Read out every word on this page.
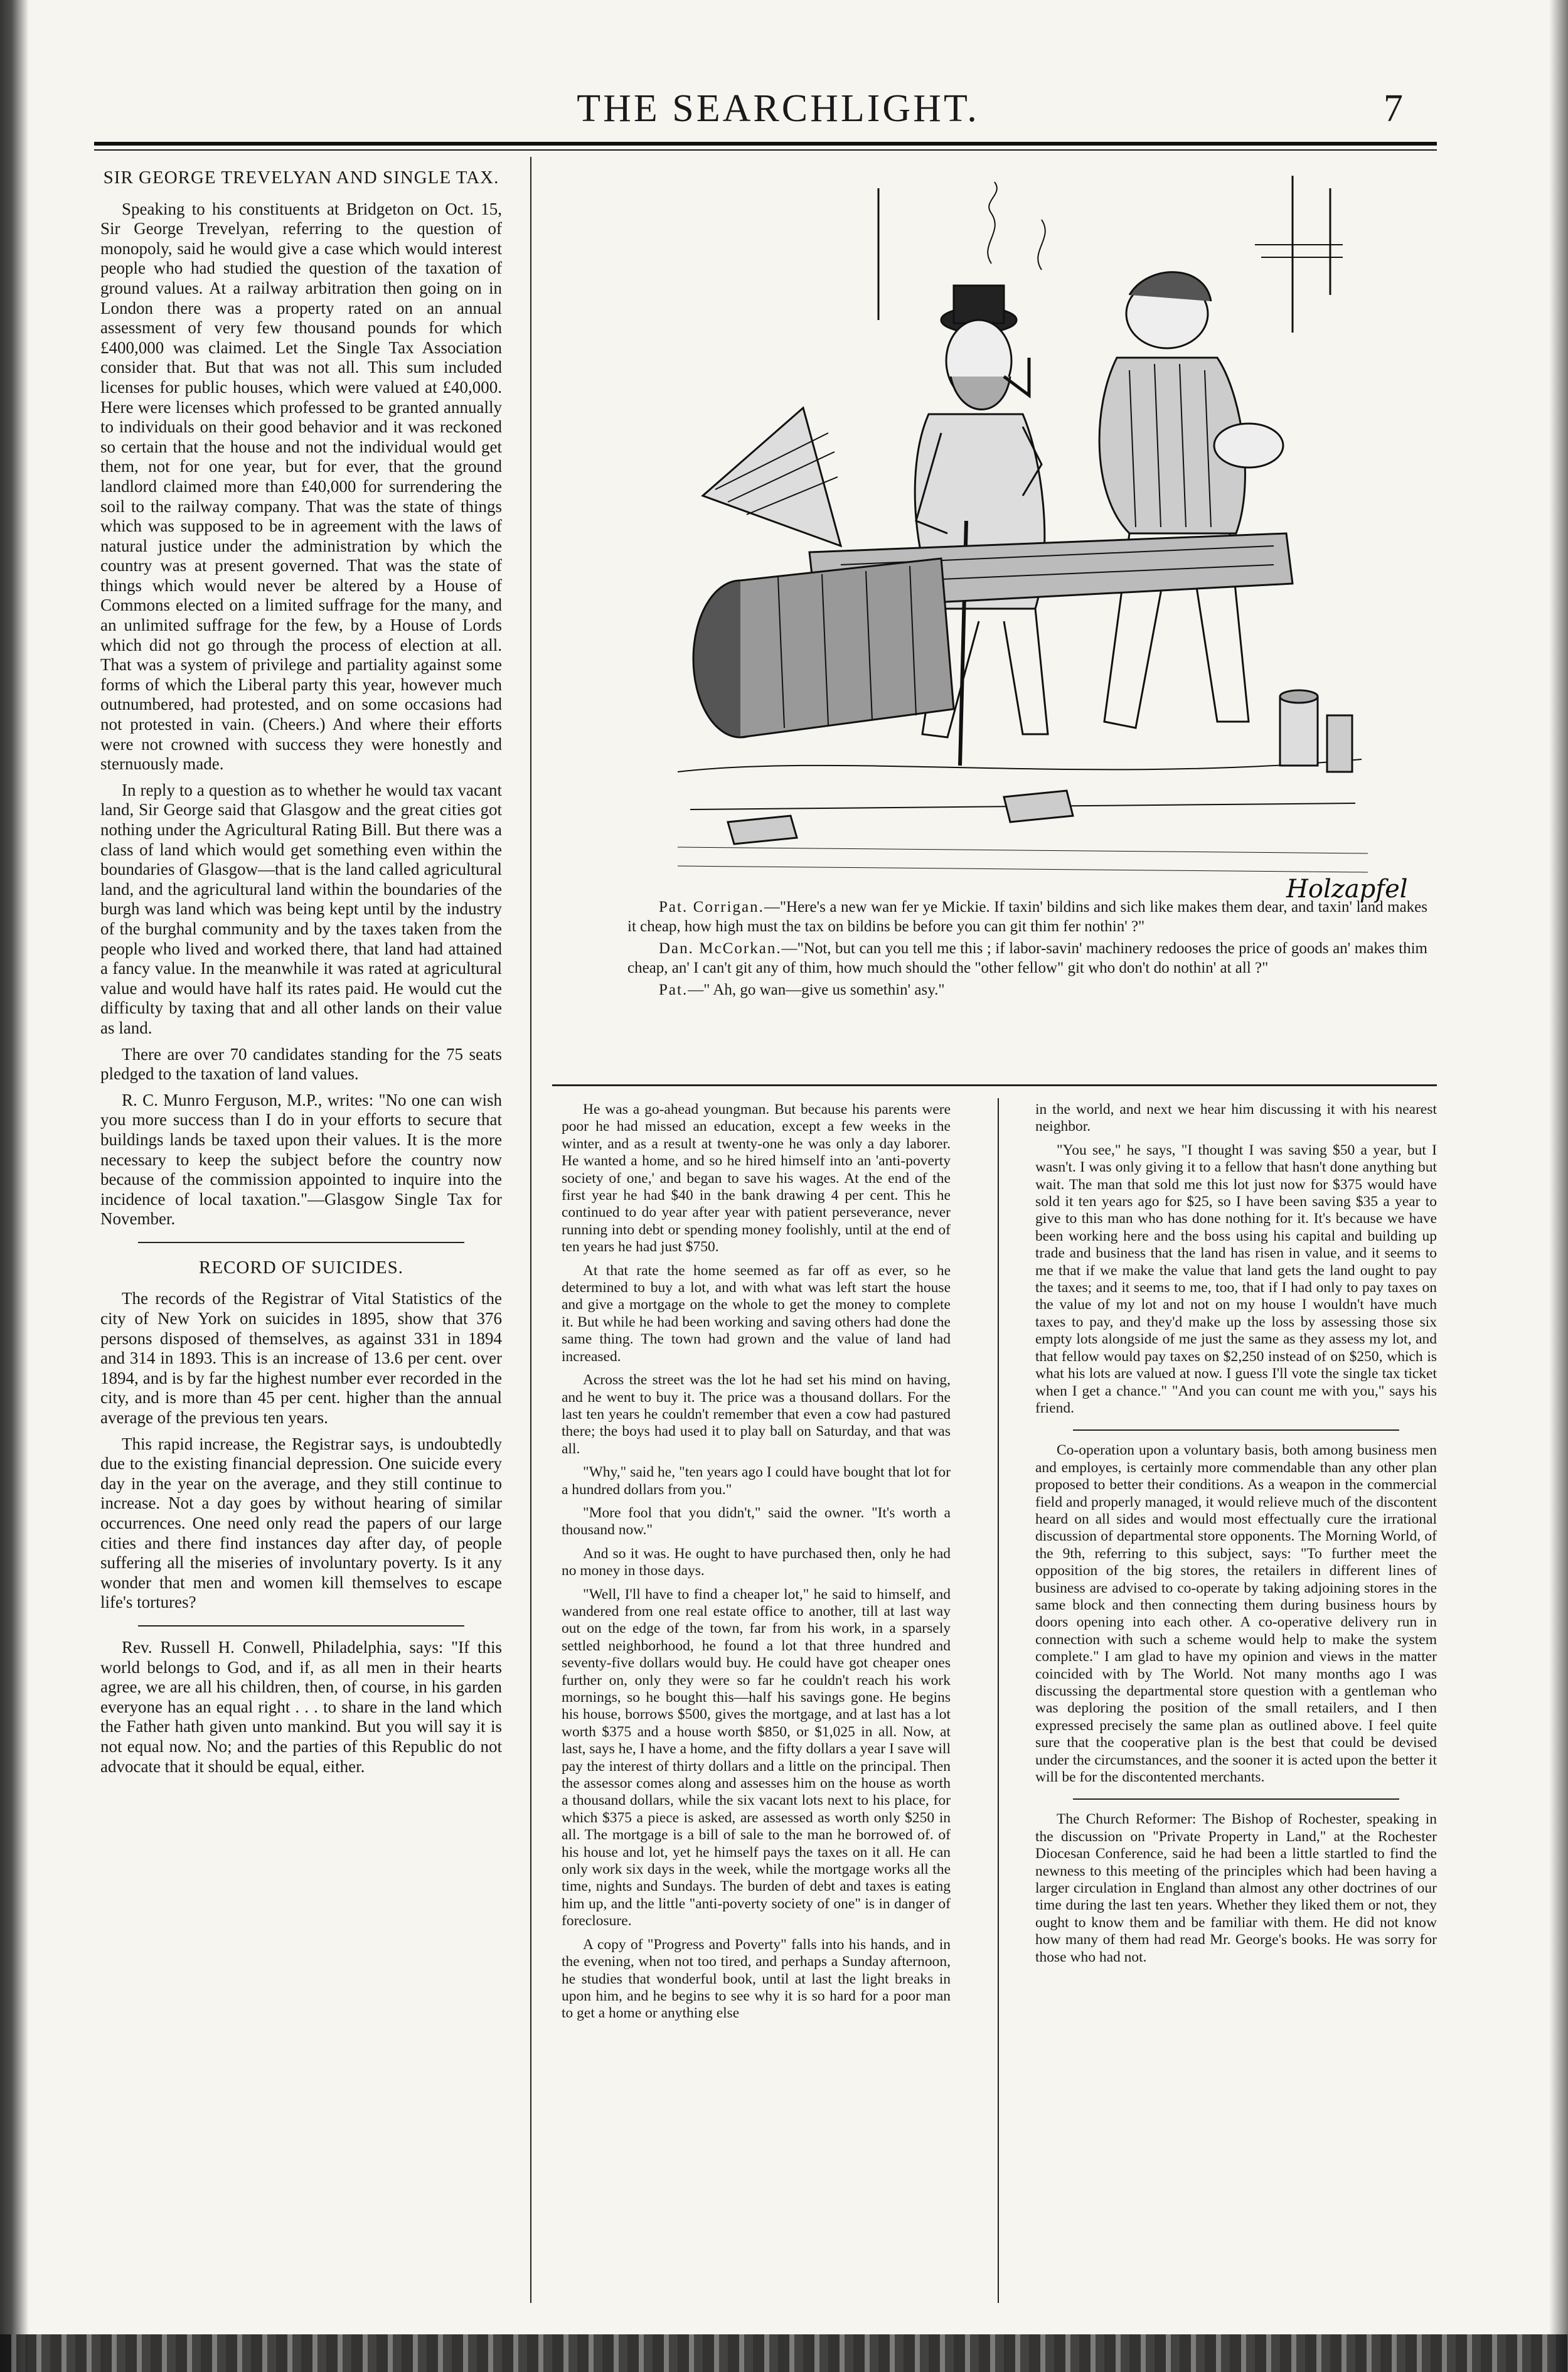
THE SEARCHLIGHT.	7

SIR GEORGE TREVELYAN AND SINGLE TAX.

Speaking to his constituents at Bridgeton on Oct. 15, Sir George Trevelyan, referring to the question of monopoly, said he would give a case which would interest people who had studied the question of the taxation of ground values. At a railway arbitration then going on in London there was a property rated on an annual assessment of very few thousand pounds for which £400,000 was claimed. Let the Single Tax Association consider that. But that was not all. This sum included licenses for public houses, which were valued at £40,000. Here were licenses which professed to be granted annually to individuals on their good behavior and it was reckoned so certain that the house and not the individual would get them, not for one year, but for ever, that the ground landlord claimed more than £40,000 for surrendering the soil to the railway company. That was the state of things which was supposed to be in agreement with the laws of natural justice under the administration by which the country was at present governed. That was the state of things which would never be altered by a House of Commons elected on a limited suffrage for the many, and an unlimited suffrage for the few, by a House of Lords which did not go through the process of election at all. That was a system of privilege and partiality against some forms of which the Liberal party this year, however much outnumbered, had protested, and on some occasions had not protested in vain. (Cheers.) And where their efforts were not crowned with success they were honestly and sternuously made.

In reply to a question as to whether he would tax vacant land, Sir George said that Glasgow and the great cities got nothing under the Agricultural Rating Bill. But there was a class of land which would get something even within the boundaries of Glasgow—that is the land called agricultural land, and the agricultural land within the boundaries of the burgh was land which was being kept until by the industry of the burghal community and by the taxes taken from the people who lived and worked there, that land had attained a fancy value. In the meanwhile it was rated at agricultural value and would have half its rates paid. He would cut the difficulty by taxing that and all other lands on their value as land.

There are over 70 candidates standing for the 75 seats pledged to the taxation of land values.

R. C. Munro Ferguson, M.P., writes: "No one can wish you more success than I do in your efforts to secure that buildings lands be taxed upon their values. It is the more necessary to keep the subject before the country now because of the commission appointed to inquire into the incidence of local taxation."—Glasgow Single Tax for November.

RECORD OF SUICIDES.

The records of the Registrar of Vital Statistics of the city of New York on suicides in 1895, show that 376 persons disposed of themselves, as against 331 in 1894 and 314 in 1893. This is an increase of 13.6 per cent. over 1894, and is by far the highest number ever recorded in the city, and is more than 45 per cent. higher than the annual average of the previous ten years.

This rapid increase, the Registrar says, is undoubtedly due to the existing financial depression. One suicide every day in the year on the average, and they still continue to increase. Not a day goes by without hearing of similar occurrences. One need only read the papers of our large cities and there find instances day after day, of people suffering all the miseries of involuntary poverty. Is it any wonder that men and women kill themselves to escape life's tortures?

Rev. Russell H. Conwell, Philadelphia, says: "If this world belongs to God, and if, as all men in their hearts agree, we are all his children, then, of course, in his garden everyone has an equal right . . . to share in the land which the Father hath given unto mankind. But you will say it is not equal now. No; and the parties of this Republic do not advocate that it should be equal, either.

Holzapfel

Pat. Corrigan.—"Here's a new wan fer ye Mickie. If taxin' bildins and sich like makes them dear, and taxin' land makes it cheap, how high must the tax on bildins be before you can git thim fer nothin' ?"

Dan. McCorkan.—"Not, but can you tell me this ; if labor-savin' machinery redooses the price of goods an' makes thim cheap, an' I can't git any of thim, how much should the "other fellow" git who don't do nothin' at all ?"

Pat.—" Ah, go wan—give us somethin' asy."

He was a go-ahead youngman. But because his parents were poor he had missed an education, except a few weeks in the winter, and as a result at twenty-one he was only a day laborer. He wanted a home, and so he hired himself into an 'anti-poverty society of one,' and began to save his wages. At the end of the first year he had $40 in the bank drawing 4 per cent. This he continued to do year after year with patient perseverance, never running into debt or spending money foolishly, until at the end of ten years he had just $750.

At that rate the home seemed as far off as ever, so he determined to buy a lot, and with what was left start the house and give a mortgage on the whole to get the money to complete it. But while he had been working and saving others had done the same thing. The town had grown and the value of land had increased.

Across the street was the lot he had set his mind on having, and he went to buy it. The price was a thousand dollars. For the last ten years he couldn't remember that even a cow had pastured there; the boys had used it to play ball on Saturday, and that was all.

"Why," said he, "ten years ago I could have bought that lot for a hundred dollars from you."

"More fool that you didn't," said the owner. "It's worth a thousand now."

And so it was. He ought to have purchased then, only he had no money in those days.

"Well, I'll have to find a cheaper lot," he said to himself, and wandered from one real estate office to another, till at last way out on the edge of the town, far from his work, in a sparsely settled neighborhood, he found a lot that three hundred and seventy-five dollars would buy. He could have got cheaper ones further on, only they were so far he couldn't reach his work mornings, so he bought this—half his savings gone. He begins his house, borrows $500, gives the mortgage, and at last has a lot worth $375 and a house worth $850, or $1,025 in all. Now, at last, says he, I have a home, and the fifty dollars a year I save will pay the interest of thirty dollars and a little on the principal. Then the assessor comes along and assesses him on the house as worth a thousand dollars, while the six vacant lots next to his place, for which $375 a piece is asked, are assessed as worth only $250 in all. The mortgage is a bill of sale to the man he borrowed of. of his house and lot, yet he himself pays the taxes on it all. He can only work six days in the week, while the mortgage works all the time, nights and Sundays. The burden of debt and taxes is eating him up, and the little "anti-poverty society of one" is in danger of foreclosure.

A copy of "Progress and Poverty" falls into his hands, and in the evening, when not too tired, and perhaps a Sunday afternoon, he studies that wonderful book, until at last the light breaks in upon him, and he begins to see why it is so hard for a poor man to get a home or anything else

in the world, and next we hear him discussing it with his nearest neighbor.

"You see," he says, "I thought I was saving $50 a year, but I wasn't. I was only giving it to a fellow that hasn't done anything but wait. The man that sold me this lot just now for $375 would have sold it ten years ago for $25, so I have been saving $35 a year to give to this man who has done nothing for it. It's because we have been working here and the boss using his capital and building up trade and business that the land has risen in value, and it seems to me that if we make the value that land gets the land ought to pay the taxes; and it seems to me, too, that if I had only to pay taxes on the value of my lot and not on my house I wouldn't have much taxes to pay, and they'd make up the loss by assessing those six empty lots alongside of me just the same as they assess my lot, and that fellow would pay taxes on $2,250 instead of on $250, which is what his lots are valued at now. I guess I'll vote the single tax ticket when I get a chance." "And you can count me with you," says his friend.

Co-operation upon a voluntary basis, both among business men and employes, is certainly more commendable than any other plan proposed to better their conditions. As a weapon in the commercial field and properly managed, it would relieve much of the discontent heard on all sides and would most effectually cure the irrational discussion of departmental store opponents. The Morning World, of the 9th, referring to this subject, says: "To further meet the opposition of the big stores, the retailers in different lines of business are advised to co-operate by taking adjoining stores in the same block and then connecting them during business hours by doors opening into each other. A co-operative delivery run in connection with such a scheme would help to make the system complete." I am glad to have my opinion and views in the matter coincided with by The World. Not many months ago I was discussing the departmental store question with a gentleman who was deploring the position of the small retailers, and I then expressed precisely the same plan as outlined above. I feel quite sure that the cooperative plan is the best that could be devised under the circumstances, and the sooner it is acted upon the better it will be for the discontented merchants.

The Church Reformer: The Bishop of Rochester, speaking in the discussion on "Private Property in Land," at the Rochester Diocesan Conference, said he had been a little startled to find the newness to this meeting of the principles which had been having a larger circulation in England than almost any other doctrines of our time during the last ten years. Whether they liked them or not, they ought to know them and be familiar with them. He did not know how many of them had read Mr. George's books. He was sorry for those who had not.
